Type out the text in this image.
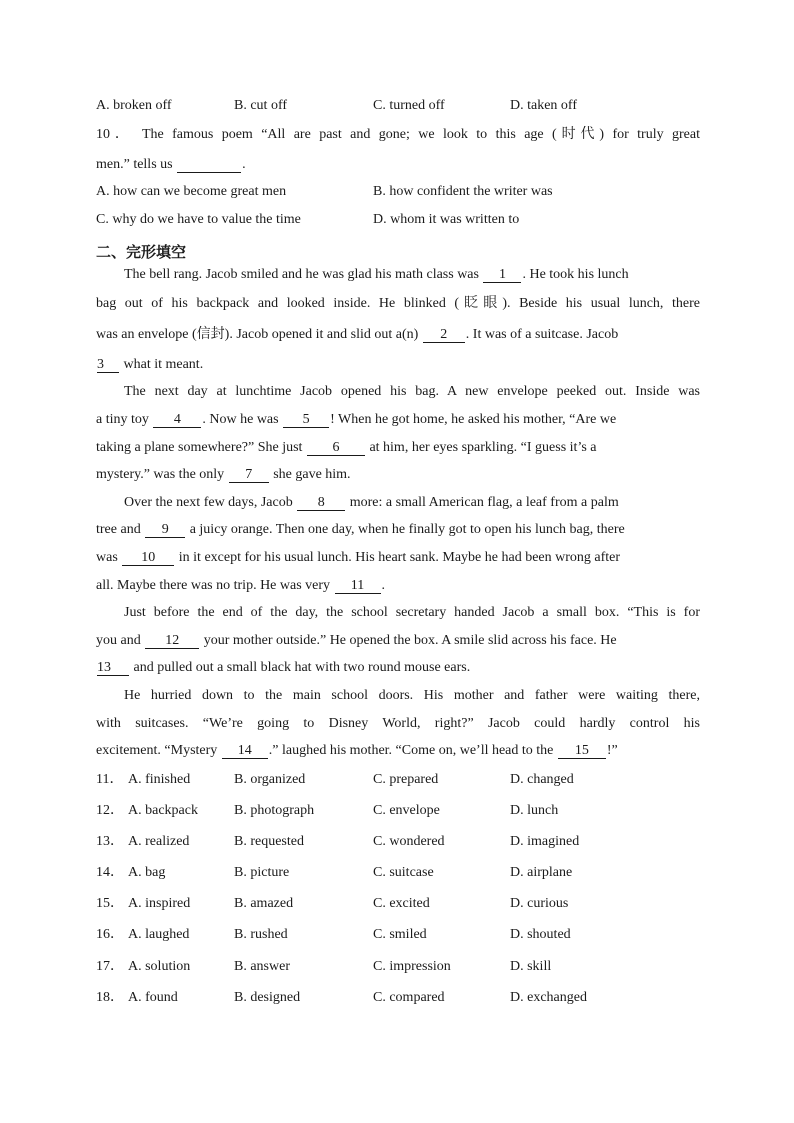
A. broken off	B. cut off	C. turned off	D. taken off
10． The famous poem “All are past and gone; we look to this age (时代) for truly great
men.” tells us	.
A. how can we become great men	B. how confident the writer was
C. why do we have to value the time	D. whom it was written to
二、完形填空
The bell rang. Jacob smiled and he was glad his math class was 1 . He took his lunch
bag out of his backpack and looked inside. He blinked (眨眼). Beside his usual lunch, there
was an envelope (信封). Jacob opened it and slid out a(n) 2 . It was of a suitcase. Jacob
3 what it meant.
The next day at lunchtime Jacob opened his bag. A new envelope peeked out. Inside was
a tiny toy 4 . Now he was 5 ! When he got home, he asked his mother, “Are we
taking a plane somewhere?” She just 6 at him, her eyes sparkling. “I guess it’s a
mystery.” was the only 7 she gave him.
Over the next few days, Jacob 8 more: a small American flag, a leaf from a palm
tree and 9 a juicy orange. Then one day, when he finally got to open his lunch bag, there
was 10 in it except for his usual lunch. His heart sank. Maybe he had been wrong after
all. Maybe there was no trip. He was very 11 .
Just before the end of the day, the school secretary handed Jacob a small box. “This is for
you and 12 your mother outside.” He opened the box. A smile slid across his face. He
13 and pulled out a small black hat with two round mouse ears.
He hurried down to the main school doors. His mother and father were waiting there,
with suitcases. “We’re going to Disney World, right?” Jacob could hardly control his
excitement. “Mystery 14 .” laughed his mother. “Come on, we’ll head to the 15 !”
11． A. finished	B. organized	C. prepared	D. changed
12． A. backpack	B. photograph	C. envelope	D. lunch
13． A. realized	B. requested	C. wondered	D. imagined
14． A. bag	B. picture	C. suitcase	D. airplane
15． A. inspired	B. amazed	C. excited	D. curious
16． A. laughed	B. rushed	C. smiled	D. shouted
17． A. solution	B. answer	C. impression	D. skill
18． A. found	B. designed	C. compared	D. exchanged
